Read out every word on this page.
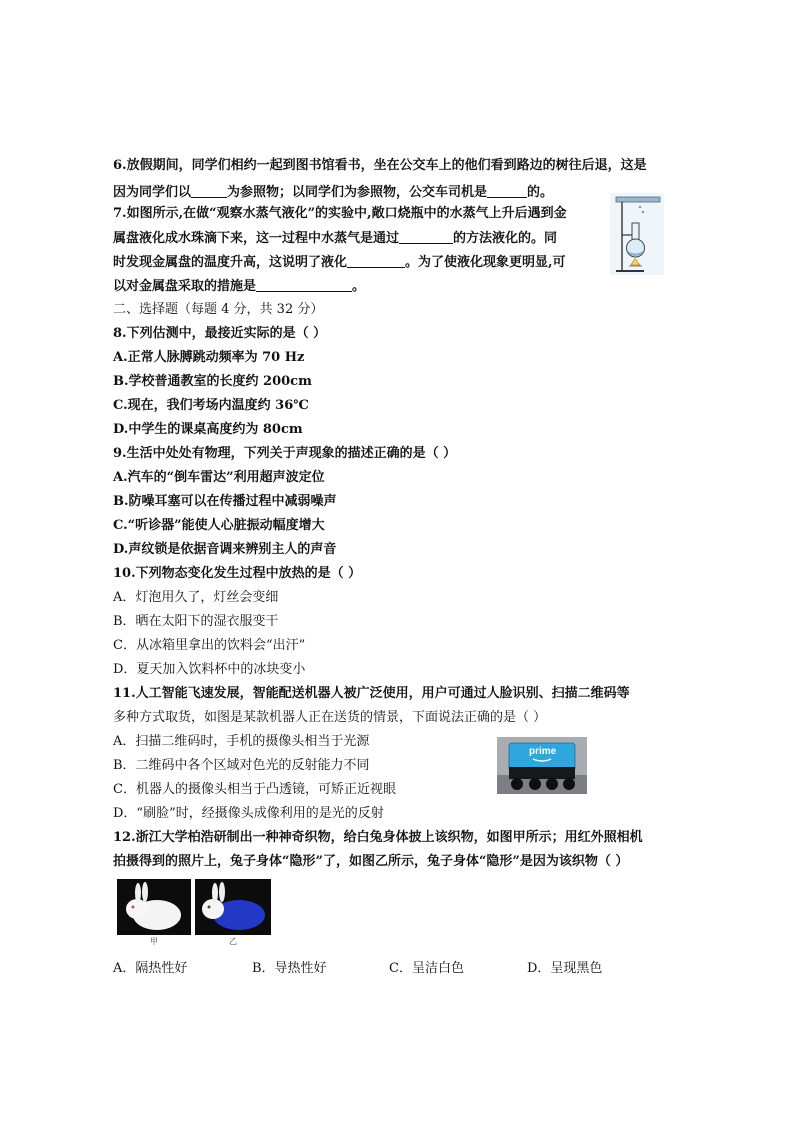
6.放假期间，同学们相约一起到图书馆看书，坐在公交车上的他们看到路边的树往后退，这是
因为同学们以	为参照物；以同学们为参照物，公交车司机是	的。
7.如图所示,在做“观察水蒸气液化”的实验中,敞口烧瓶中的水蒸气上升后遇到金
属盘液化成水珠滴下来，这一过程中水蒸气是通过	的方法液化的。同
时发现金属盘的温度升高，这说明了液化	。为了使液化现象更明显,可
以对金属盘采取的措施是	。
二、选择题（每题 4 分，共 32 分）
8.下列估测中，最接近实际的是（ ）
A.正常人脉膊跳动频率为 70 Hz
B.学校普通教室的长度约 200cm
C.现在，我们考场内温度约 36℃
D.中学生的课桌高度约为 80cm
9.生活中处处有物理，下列关于声现象的描述正确的是（ ）
A.汽车的“倒车雷达”利用超声波定位
B.防噪耳塞可以在传播过程中减弱噪声
C.“听诊器”能使人心脏振动幅度增大
D.声纹锁是依据音调来辨别主人的声音
10.下列物态变化发生过程中放热的是（ ）
A．灯泡用久了，灯丝会变细
B．晒在太阳下的湿衣服变干
C．从冰箱里拿出的饮料会“出汗”
D．夏天加入饮料杯中的冰块变小
11.人工智能飞速发展，智能配送机器人被广泛使用，用户可通过人脸识别、扫描二维码等
多种方式取货，如图是某款机器人正在送货的情景，下面说法正确的是（ ）
A．扫描二维码时，手机的摄像头相当于光源
B．二维码中各个区域对色光的反射能力不同
C．机器人的摄像头相当于凸透镜，可矫正近视眼
D．“刷脸”时，经摄像头成像利用的是光的反射
prime
12.浙江大学柏浩研制出一种神奇织物，给白兔身体披上该织物，如图甲所示；用红外照相机
拍摄得到的照片上，兔子身体“隐形”了，如图乙所示，兔子身体“隐形”是因为该织物（ ）
甲	乙
A．隔热性好	B．导热性好	C．呈洁白色	D．呈现黑色
